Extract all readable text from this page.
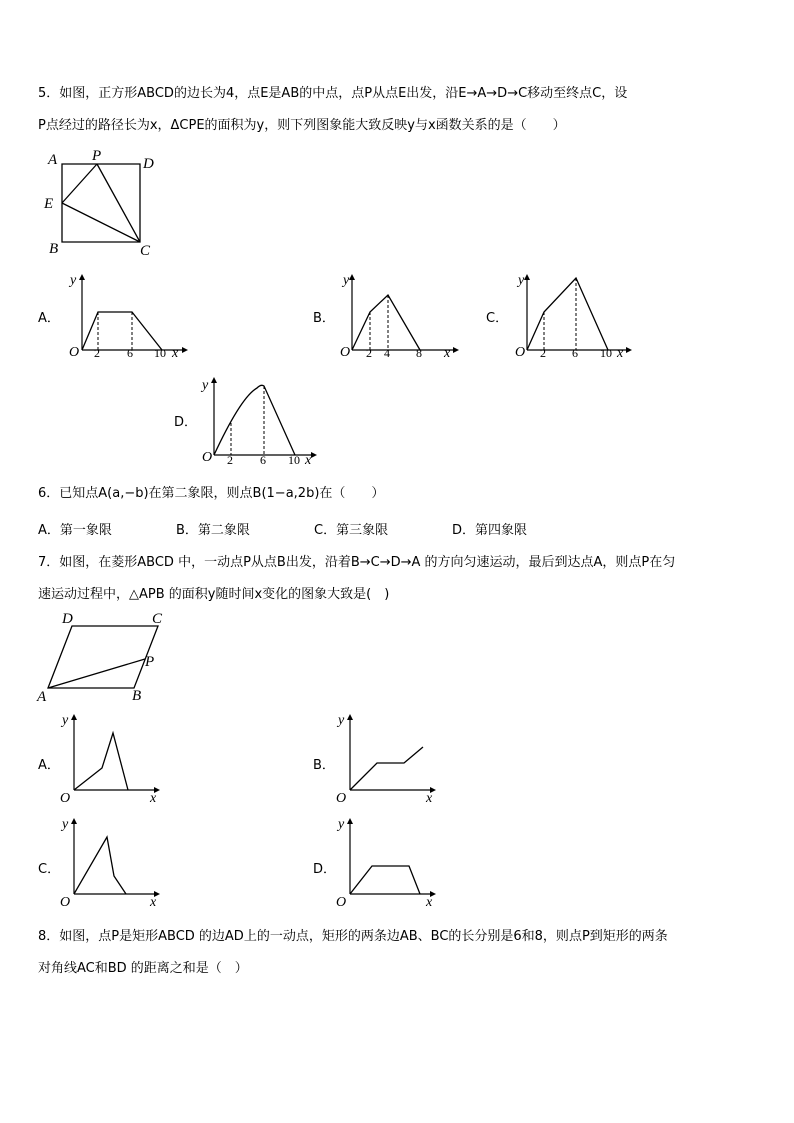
5．如图，正方形ABCD的边长为4，点E是AB的中点，点P从点E出发，沿E→A→D→C移动至终点C，设
P点经过的路径长为x，ΔCPE的面积为y，则下列图象能大致反映y与x函数关系的是（　　）
A P	D
E
B	C
A．
y
O 2 6 10 x
B．
y
O 2 4 8 x
C．
y
O 2 6 10 x
D．
y
O 2 6 10 x
6．已知点A(a,−b)在第二象限，则点B(1−a,2b)在（　　）
A．第一象限	B．第二象限	C．第三象限	D．第四象限
7．如图，在菱形ABCD 中，一动点P从点B出发，沿着B→C→D→A 的方向匀速运动，最后到达点A，则点P在匀
速运动过程中，△APB 的面积y随时间x变化的图象大致是(　)
D	C
P
A	B
A．
y
O	x
B．
y
O	x
C．
y
O	x
D．
y
O	x
8．如图，点P是矩形ABCD 的边AD上的一动点，矩形的两条边AB、BC的长分别是6和8，则点P到矩形的两条
对角线AC和BD 的距离之和是（　）
